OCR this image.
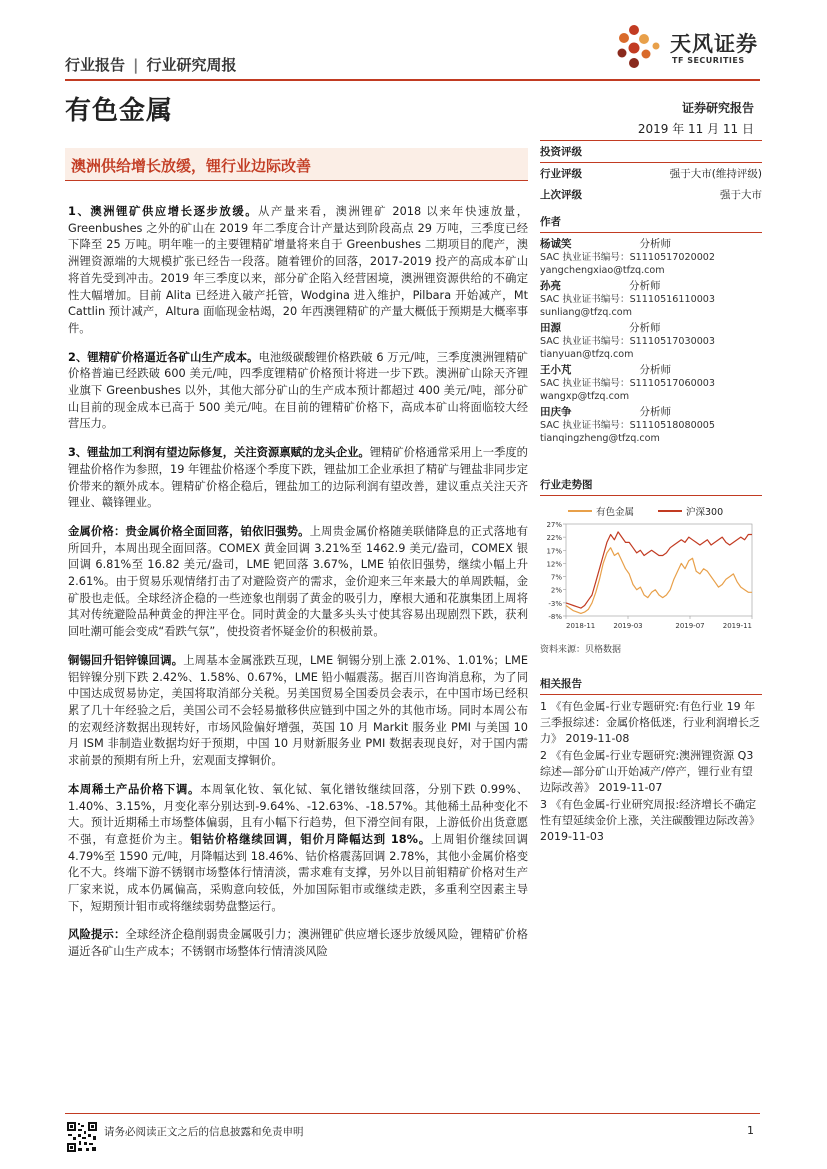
行业报告 | 行业研究周报
天风证券
TF SECURITIES
有色金属	证券研究报告
2019 年 11 月 11 日
澳洲供给增长放缓，锂行业边际改善

1、澳洲锂矿供应增长逐步放缓。从产量来看，澳洲锂矿 2018 以来年快速放量，Greenbushes 之外的矿山在 2019 年二季度合计产量达到阶段高点 29 万吨，三季度已经下降至 25 万吨。明年唯一的主要锂精矿增量将来自于 Greenbushes 二期项目的爬产，澳洲锂资源端的大规模扩张已经告一段落。随着锂价的回落，2017-2019 投产的高成本矿山将首先受到冲击。2019 年三季度以来，部分矿企陷入经营困境，澳洲锂资源供给的不确定性大幅增加。目前 Alita 已经进入破产托管，Wodgina 进入维护，Pilbara 开始减产，Mt Cattlin 预计减产，Altura 面临现金枯竭，20 年西澳锂精矿的产量大概低于预期是大概率事件。

2、锂精矿价格逼近各矿山生产成本。电池级碳酸锂价格跌破 6 万元/吨，三季度澳洲锂精矿价格普遍已经跌破 600 美元/吨，四季度锂精矿价格预计将进一步下跌。澳洲矿山除天齐锂业旗下 Greenbushes 以外，其他大部分矿山的生产成本预计都超过 400 美元/吨，部分矿山目前的现金成本已高于 500 美元/吨。在目前的锂精矿价格下，高成本矿山将面临较大经营压力。

3、锂盐加工利润有望边际修复，关注资源禀赋的龙头企业。锂精矿价格通常采用上一季度的锂盐价格作为参照，19 年锂盐价格逐个季度下跌，锂盐加工企业承担了精矿与锂盐非同步定价带来的额外成本。锂精矿价格企稳后，锂盐加工的边际利润有望改善，建议重点关注天齐锂业、赣锋锂业。

金属价格：贵金属价格全面回落，铂依旧强势。上周贵金属价格随美联储降息的正式落地有所回升，本周出现全面回落。COMEX 黄金回调 3.21%至 1462.9 美元/盎司，COMEX 银回调 6.81%至 16.82 美元/盎司，LME 钯回落 3.67%，LME 铂依旧强势，继续小幅上升 2.61%。由于贸易乐观情绪打击了对避险资产的需求，金价迎来三年来最大的单周跌幅，金矿股也走低。全球经济企稳的一些迹象也削弱了黄金的吸引力，摩根大通和花旗集团上周将其对传统避险品种黄金的押注平仓。同时黄金的大量多头头寸使其容易出现剧烈下跌，获利回吐潮可能会变成“看跌气氛”，使投资者怀疑金价的积极前景。

铜锡回升铝锌镍回调。上周基本金属涨跌互现，LME 铜锡分别上涨 2.01%、1.01%；LME 铝锌镍分别下跌 2.42%、1.58%、0.67%，LME 铅小幅震荡。据百川咨询消息称，为了同中国达成贸易协定，美国将取消部分关税。另美国贸易全国委员会表示，在中国市场已经积累了几十年经验之后，美国公司不会轻易撤移供应链到中国之外的其他市场。同时本周公布的宏观经济数据出现转好，市场风险偏好增强，英国 10 月 Markit 服务业 PMI 与美国 10 月 ISM 非制造业数据均好于预期，中国 10 月财新服务业 PMI 数据表现良好，对于国内需求前景的预期有所上升，宏观面支撑铜价。

本周稀土产品价格下调。本周氧化钕、氧化铽、氧化镨钕继续回落，分别下跌 0.99%、1.40%、3.15%，月变化率分别达到-9.64%、-12.63%、-18.57%。其他稀土品种变化不大。预计近期稀土市场整体偏弱，且有小幅下行趋势，但下滑空间有限，上游低价出货意愿不强，有意挺价为主。钼钴价格继续回调，钼价月降幅达到 18%。上周钼价继续回调 4.79%至 1590 元/吨，月降幅达到 18.46%、钴价格震荡回调 2.78%，其他小金属价格变化不大。终端下游不锈钢市场整体行情清淡，需求难有支撑，另外以目前钼精矿价格对生产厂家来说，成本仍属偏高，采购意向较低，外加国际钼市或继续走跌，多重利空因素主导下，短期预计钼市或将继续弱势盘整运行。

风险提示：全球经济企稳削弱贵金属吸引力；澳洲锂矿供应增长逐步放缓风险，锂精矿价格逼近各矿山生产成本；不锈钢市场整体行情清淡风险

投资评级
行业评级	强于大市(维持评级)
上次评级	强于大市
作者
杨诚笑	分析师
SAC 执业证书编号：S1110517020002
yangchengxiao@tfzq.com
孙亮	分析师
SAC 执业证书编号：S1110516110003
sunliang@tfzq.com
田源	分析师
SAC 执业证书编号：S1110517030003
tianyuan@tfzq.com
王小芃	分析师
SAC 执业证书编号：S1110517060003
wangxp@tfzq.com
田庆争	分析师
SAC 执业证书编号：S1110518080005
tianqingzheng@tfzq.com
行业走势图
有色金属	沪深300
27%
22%
17%
12%
7%
2%
-3%
-8%
2018-11	2019-03	2019-07	2019-11
资料来源：贝格数据
相关报告
1 《有色金属-行业专题研究:有色行业 19 年三季报综述：金属价格低迷，行业利润增长乏力》 2019-11-08
2 《有色金属-行业专题研究:澳洲锂资源 Q3 综述—部分矿山开始减产/停产，锂行业有望边际改善》 2019-11-07
3 《有色金属-行业研究周报:经济增长不确定性有望延续金价上涨，关注碳酸锂边际改善》 2019-11-03
请务必阅读正文之后的信息披露和免责申明	1
